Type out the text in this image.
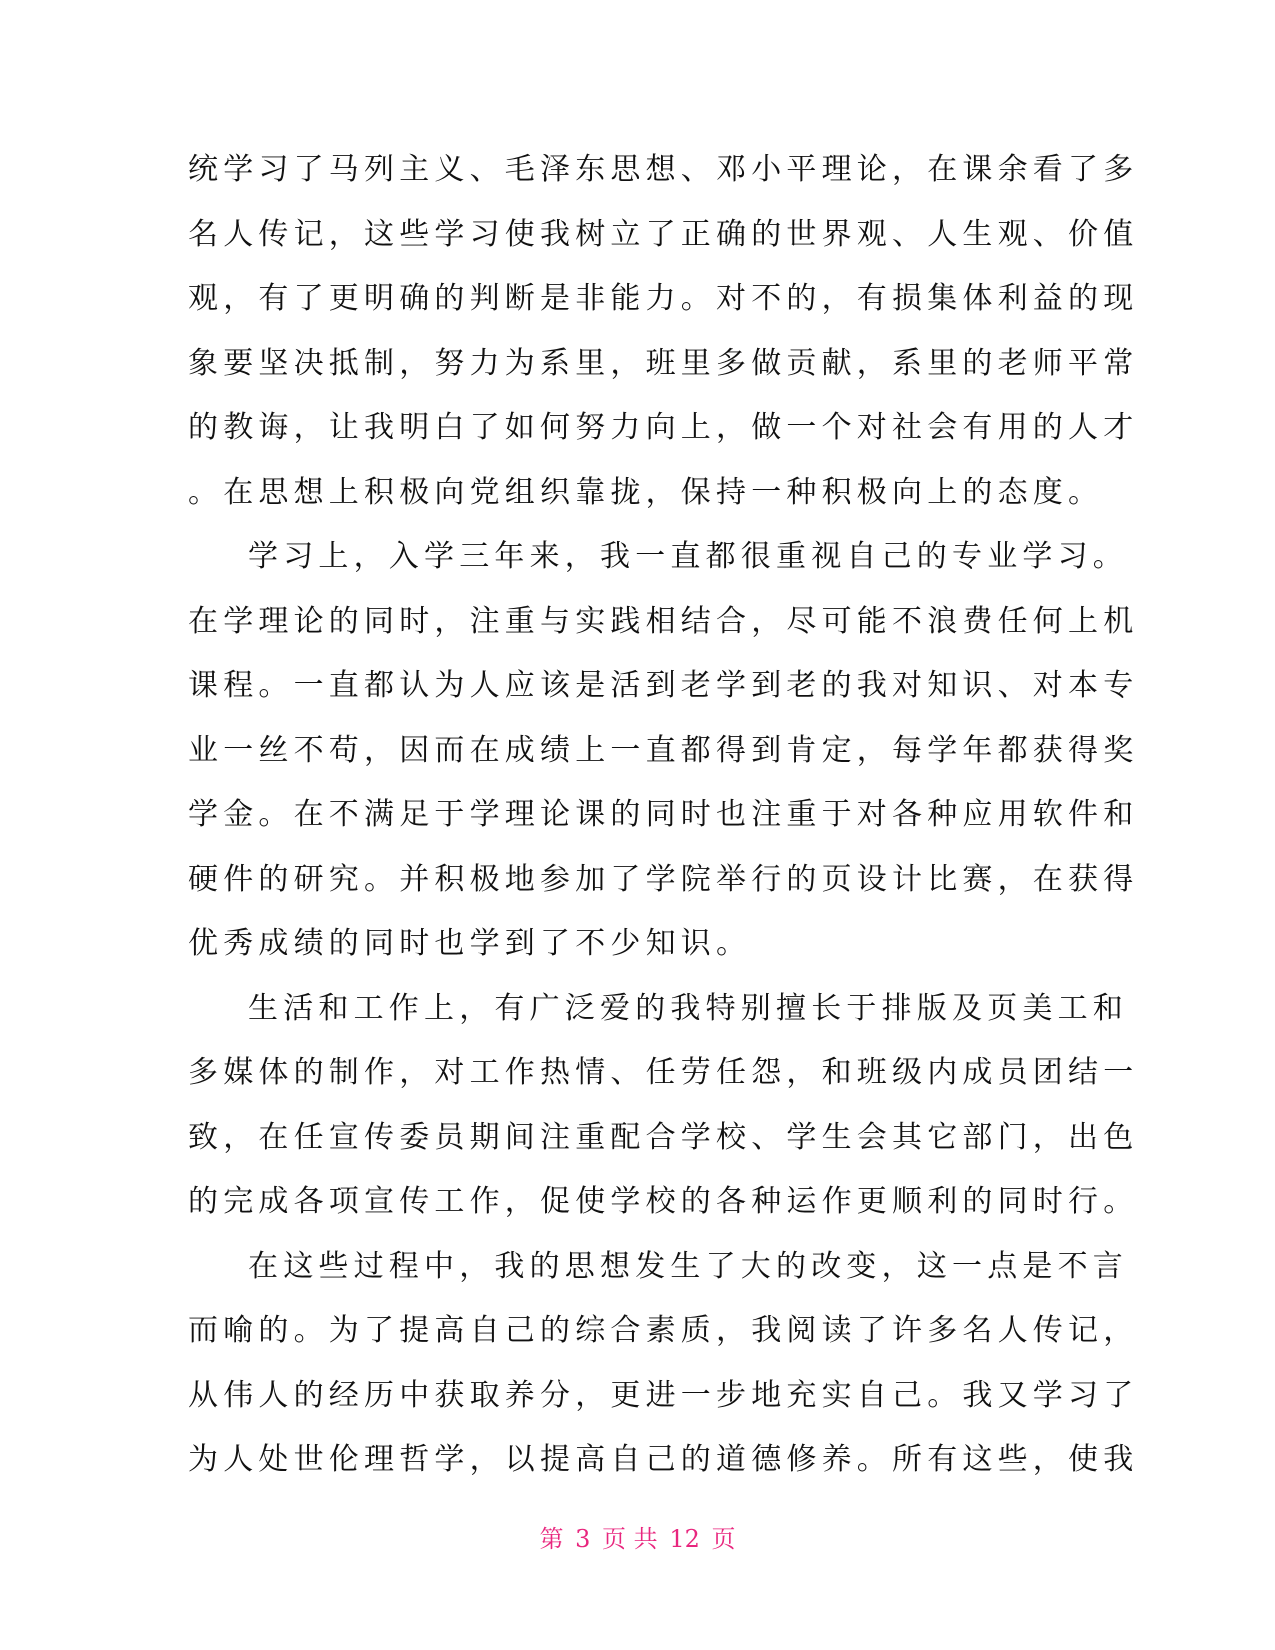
统学习了马列主义、毛泽东思想、邓小平理论，在课余看了多
名人传记，这些学习使我树立了正确的世界观、人生观、价值
观，有了更明确的判断是非能力。对不的，有损集体利益的现
象要坚决抵制，努力为系里，班里多做贡献，系里的老师平常
的教诲，让我明白了如何努力向上，做一个对社会有用的人才
。在思想上积极向党组织靠拢，保持一种积极向上的态度。
学习上，入学三年来，我一直都很重视自己的专业学习。
在学理论的同时，注重与实践相结合，尽可能不浪费任何上机
课程。一直都认为人应该是活到老学到老的我对知识、对本专
业一丝不苟，因而在成绩上一直都得到肯定，每学年都获得奖
学金。在不满足于学理论课的同时也注重于对各种应用软件和
硬件的研究。并积极地参加了学院举行的页设计比赛，在获得
优秀成绩的同时也学到了不少知识。
生活和工作上，有广泛爱的我特别擅长于排版及页美工和
多媒体的制作，对工作热情、任劳任怨，和班级内成员团结一
致，在任宣传委员期间注重配合学校、学生会其它部门，出色
的完成各项宣传工作，促使学校的各种运作更顺利的同时行。
在这些过程中，我的思想发生了大的改变，这一点是不言
而喻的。为了提高自己的综合素质，我阅读了许多名人传记，
从伟人的经历中获取养分，更进一步地充实自己。我又学习了
为人处世伦理哲学，以提高自己的道德修养。所有这些，使我
第 3 页 共 12 页
